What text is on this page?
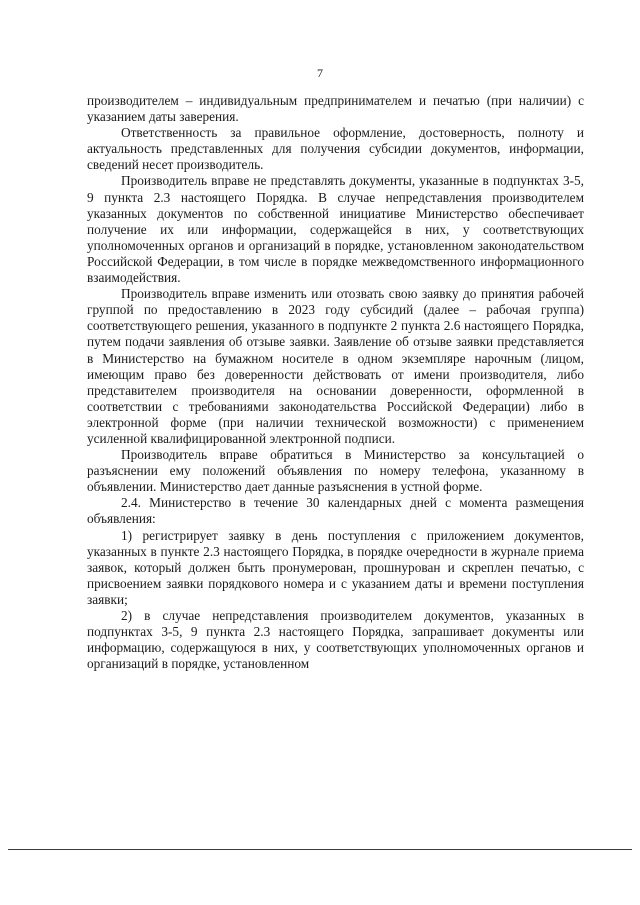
7

производителем – индивидуальным предпринимателем и печатью (при наличии) с указанием даты заверения.

Ответственность за правильное оформление, достоверность, полноту и актуальность представленных для получения субсидии документов, информации, сведений несет производитель.

Производитель вправе не представлять документы, указанные в подпунктах 3-5, 9 пункта 2.3 настоящего Порядка. В случае непредставления производителем указанных документов по собственной инициативе Министерство обеспечивает получение их или информации, содержащейся в них, у соответствующих уполномоченных органов и организаций в порядке, установленном законодательством Российской Федерации, в том числе в порядке межведомственного информационного взаимодействия.

Производитель вправе изменить или отозвать свою заявку до принятия рабочей группой по предоставлению в 2023 году субсидий (далее – рабочая группа) соответствующего решения, указанного в подпункте 2 пункта 2.6 настоящего Порядка, путем подачи заявления об отзыве заявки. Заявление об отзыве заявки представляется в Министерство на бумажном носителе в одном экземпляре нарочным (лицом, имеющим право без доверенности действовать от имени производителя, либо представителем производителя на основании доверенности, оформленной в соответствии с требованиями законодательства Российской Федерации) либо в электронной форме (при наличии технической возможности) с применением усиленной квалифицированной электронной подписи.

Производитель вправе обратиться в Министерство за консультацией о разъяснении ему положений объявления по номеру телефона, указанному в объявлении. Министерство дает данные разъяснения в устной форме.

2.4. Министерство в течение 30 календарных дней с момента размещения объявления:

1) регистрирует заявку в день поступления с приложением документов, указанных в пункте 2.3 настоящего Порядка, в порядке очередности в журнале приема заявок, который должен быть пронумерован, прошнурован и скреплен печатью, с присвоением заявки порядкового номера и с указанием даты и времени поступления заявки;

2) в случае непредставления производителем документов, указанных в подпунктах 3-5, 9 пункта 2.3 настоящего Порядка, запрашивает документы или информацию, содержащуюся в них, у соответствующих уполномоченных органов и организаций в порядке, установленном
